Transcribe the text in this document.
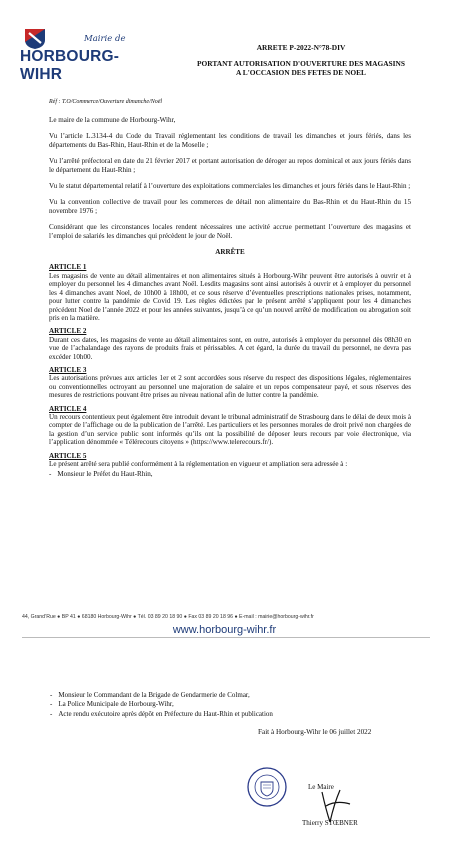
Mairie de
HORBOURG-WIHR
ARRETE P-2022-N°78-DIV
PORTANT AUTORISATION D'OUVERTURE DES MAGASINS
A L'OCCASION DES FETES DE NOEL
Réf : T.O/Commerce/Ouverture dimanche/Noël

Le maire de la commune de Horbourg-Wihr,

Vu l’article L.3134-4 du Code du Travail réglementant les conditions de travail les dimanches et jours fériés, dans les départements du Bas-Rhin, Haut-Rhin et de la Moselle ;

Vu l’arrêté préfectoral en date du 21 février 2017 et portant autorisation de déroger au repos dominical et aux jours fériés dans le département du Haut-Rhin ;

Vu le statut départemental relatif à l’ouverture des exploitations commerciales les dimanches et jours fériés dans le Haut-Rhin ;

Vu la convention collective de travail pour les commerces de détail non alimentaire du Bas-Rhin et du Haut-Rhin du 15 novembre 1976 ;

Considérant que les circonstances locales rendent nécessaires une activité accrue permettant l’ouverture des magasins et l’emploi de salariés les dimanches qui précèdent le jour de Noël.

ARRÊTE
ARTICLE 1

Les magasins de vente au détail alimentaires et non alimentaires situés à Horbourg-Wihr peuvent être autorisés à ouvrir et à employer du personnel les 4 dimanches avant Noël. Lesdits magasins sont ainsi autorisés à ouvrir et à employer du personnel les 4 dimanches avant Noel, de 10h00 à 18h00, et ce sous réserve d’éventuelles prescriptions nationales prises, notamment, pour lutter contre la pandémie de Covid 19. Les règles édictées par le présent arrêté s’appliquent pour les 4 dimanches précédent Noel de l’année 2022 et pour les années suivantes, jusqu’à ce qu’un nouvel arrêté de modification ou abrogation soit pris en la matière.

ARTICLE 2

Durant ces dates, les magasins de vente au détail alimentaires sont, en outre, autorisés à employer du personnel dès 08h30 en vue de l’achalandage des rayons de produits frais et périssables. A cet égard, la durée du travail du personnel, ne devra pas excéder 10h00.

ARTICLE 3

Les autorisations prévues aux articles 1er et 2 sont accordées sous réserve du respect des dispositions légales, réglementaires ou conventionnelles octroyant au personnel une majoration de salaire et un repos compensateur payé, et sous réserves des mesures de restrictions pouvant être prises au niveau national afin de lutter contre la pandémie.

ARTICLE 4

Un recours contentieux peut également être introduit devant le tribunal administratif de Strasbourg dans le délai de deux mois à compter de l’affichage ou de la publication de l’arrêté. Les particuliers et les personnes morales de droit privé non chargées de la gestion d’un service public sont informés qu’ils ont la possibilité de déposer leurs recours par voie électronique, via l’application dénommée « Télérecours citoyens » (https://www.telerecours.fr/).

ARTICLE 5

Le présent arrêté sera publié conformément à la réglementation en vigueur et ampliation sera adressée à :

- Monsieur le Préfet du Haut-Rhin,
44, Grand’Rue ● BP 41 ● 68180 Horbourg-Wihr ● Tél. 03 89 20 18 90 ● Fax 03 89 20 18 96 ● E-mail : mairie@horbourg-wihr.fr
www.horbourg-wihr.fr
- Monsieur le Commandant de la Brigade de Gendarmerie de Colmar,
- La Police Municipale de Horbourg-Wihr,
- Acte rendu exécutoire après dépôt en Préfecture du Haut-Rhin et publication
Fait à Horbourg-Wihr le 06 juillet 2022
Le Maire
Thierry STŒBNER
